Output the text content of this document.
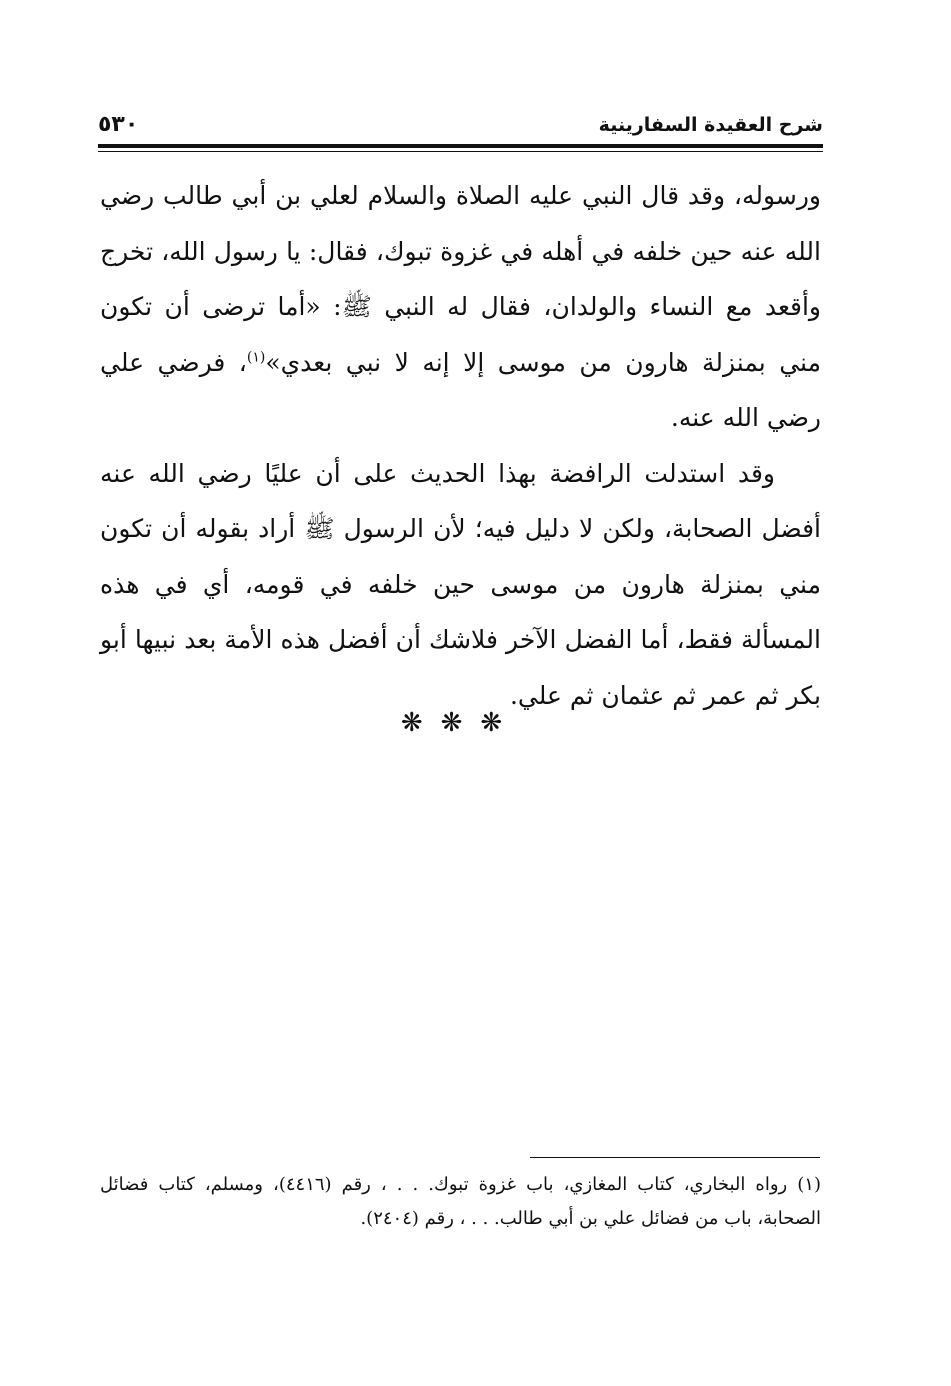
شرح العقيدة السفارينية
٥٣٠

ورسوله، وقد قال النبي عليه الصلاة والسلام لعلي بن أبي طالب رضي الله عنه حين خلفه في أهله في غزوة تبوك، فقال: يا رسول الله، تخرج وأقعد مع النساء والولدان، فقال له النبي ﷺ: «أما ترضى أن تكون مني بمنزلة هارون من موسى إلا إنه لا نبي بعدي»$^{(١)}$، فرضي علي رضي الله عنه.

وقد استدلت الرافضة بهذا الحديث على أن عليًا رضي الله عنه أفضل الصحابة، ولكن لا دليل فيه؛ لأن الرسول ﷺ أراد بقوله أن تكون مني بمنزلة هارون من موسى حين خلفه في قومه، أي في هذه المسألة فقط، أما الفضل الآخر فلاشك أن أفضل هذه الأمة بعد نبيها أبو بكر ثم عمر ثم عثمان ثم علي.

❋❋❋

(١) رواه البخاري، كتاب المغازي، باب غزوة تبوك. . . ، رقم (٤٤١٦)، ومسلم، كتاب فضائل الصحابة، باب من فضائل علي بن أبي طالب. . . ، رقم (٢٤٠٤).
